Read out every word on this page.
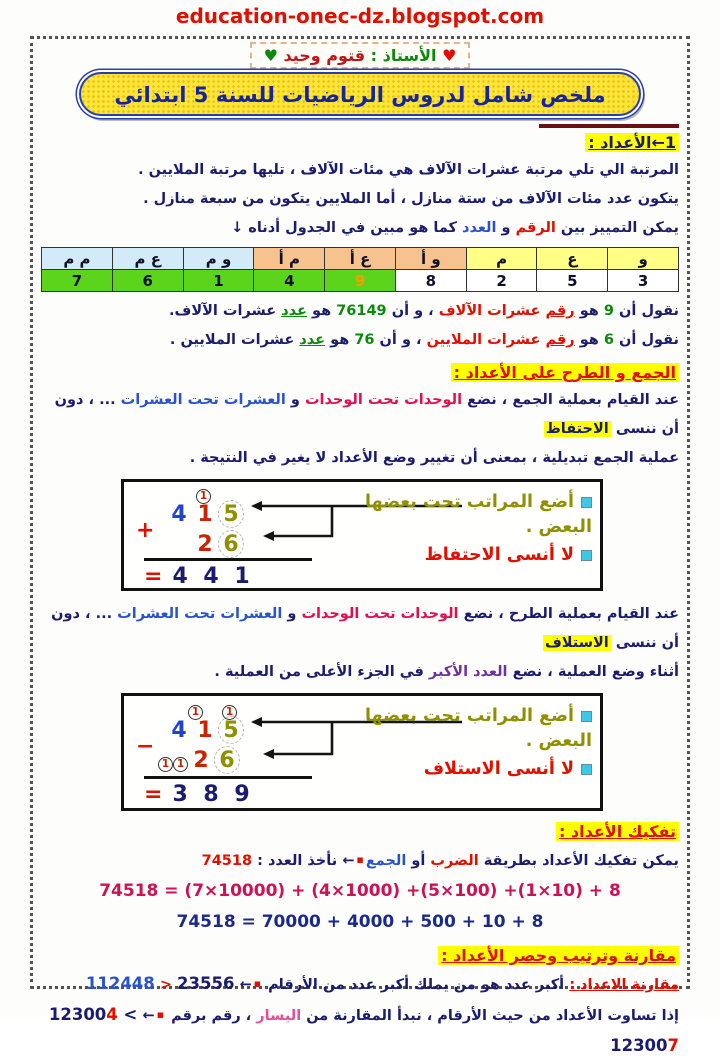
education-onec-dz.blogspot.com
♥ الأستاذ : قتوم وحيد ♥
ملخص شامل لدروس الرياضيات للسنة 5 ابتدائي
1←الأعداد :
المرتبة الي تلي مرتبة عشرات الآلاف هي مئات الآلاف ، تليها مرتبة الملايين .
يتكون عدد مئات الآلاف من ستة منازل ، أما الملايين يتكون من سبعة منازل .
يمكن التمييز بين الرقم و العدد كما هو مبين في الجدول أدناه ↓
و	ع	م	و أ	ع أ	م أ	و م	ع م	م م
3	5	2	8	9	4	1	6	7
نقول أن 9 هو رقم عشرات الآلاف ، و أن 76149 هو عدد عشرات الآلاف.
نقول أن 6 هو رقم عشرات الملايين ، و أن 76 هو عدد عشرات الملايين .
الجمع و الطرح على الأعداد :
عند القيام بعملية الجمع ، نضع الوحدات تحت الوحدات و العشرات تحت العشرات ... ، دون أن ننسى الاحتفاظ
عملية الجمع تبديلية ، بمعنى أن تغيير وضع الأعداد لا يغير في النتيجة .
+
1
4 1 5
2 6
= 4 4 1
أضع المراتب تحت بعضها البعض .
لا أنسى الاحتفاظ
عند القيام بعملية الطرح ، نضع الوحدات تحت الوحدات و العشرات تحت العشرات ... ، دون أن ننسى الاستلاف
أثناء وضع العملية ، نضع العدد الأكبر في الجزء الأعلى من العملية .
−
1	1
4 1 5
1 1 2 6
= 3 8 9
أضع المراتب تحت بعضها البعض .
لا أنسى الاستلاف
تفكيك الأعداد :
يمكن تفكيك الأعداد بطريقة الضرب أو الجمع▪← نأخذ العدد : 74518
74518 = (7×10000) + (4×1000) +(5×100) +(1×10) + 8
74518 = 70000 + 4000 + 500 + 10 + 8
مقارنة وترتيب وحصر الأعداد :
مقارنة الاعداد : أكبر عدد هو من يملك أكبر عدد من الأرقام ▪← 112448 > 23556
إذا تساوت الأعداد من حيث الأرقام ، نبدأ المقارنة من اليسار ، رقم برقم ▪← 123004 < 123007
